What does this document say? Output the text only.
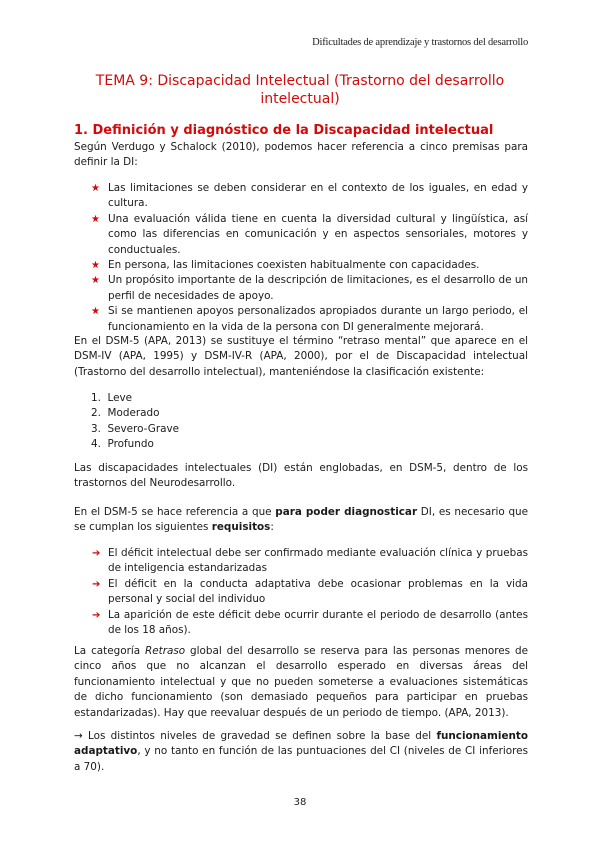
Dificultades de aprendizaje y trastornos del desarrollo
TEMA 9: Discapacidad Intelectual (Trastorno del desarrollo intelectual)
1. Definición y diagnóstico de la Discapacidad intelectual

Según Verdugo y Schalock (2010), podemos hacer referencia a cinco premisas para definir la DI:

★ Las limitaciones se deben considerar en el contexto de los iguales, en edad y cultura.
★ Una evaluación válida tiene en cuenta la diversidad cultural y lingüística, así como las diferencias en comunicación y en aspectos sensoriales, motores y conductuales.
★ En persona, las limitaciones coexisten habitualmente con capacidades.
★ Un propósito importante de la descripción de limitaciones, es el desarrollo de un perfil de necesidades de apoyo.
★ Si se mantienen apoyos personalizados apropiados durante un largo periodo, el funcionamiento en la vida de la persona con DI generalmente mejorará.

En el DSM-5 (APA, 2013) se sustituye el término “retraso mental” que aparece en el DSM-IV (APA, 1995) y DSM-IV-R (APA, 2000), por el de Discapacidad intelectual (Trastorno del desarrollo intelectual), manteniéndose la clasificación existente:

1. Leve
2. Moderado
3. Severo-Grave
4. Profundo

Las discapacidades intelectuales (DI) están englobadas, en DSM-5, dentro de los trastornos del Neurodesarrollo.

En el DSM-5 se hace referencia a que para poder diagnosticar DI, es necesario que se cumplan los siguientes requisitos:

➔ El déficit intelectual debe ser confirmado mediante evaluación clínica y pruebas de inteligencia estandarizadas
➔ El déficit en la conducta adaptativa debe ocasionar problemas en la vida personal y social del individuo
➔ La aparición de este déficit debe ocurrir durante el periodo de desarrollo (antes de los 18 años).

La categoría Retraso global del desarrollo se reserva para las personas menores de cinco años que no alcanzan el desarrollo esperado en diversas áreas del funcionamiento intelectual y que no pueden someterse a evaluaciones sistemáticas de dicho funcionamiento (son demasiado pequeños para participar en pruebas estandarizadas). Hay que reevaluar después de un periodo de tiempo. (APA, 2013).

→ Los distintos niveles de gravedad se definen sobre la base del funcionamiento adaptativo, y no tanto en función de las puntuaciones del CI (niveles de CI inferiores a 70).

38
